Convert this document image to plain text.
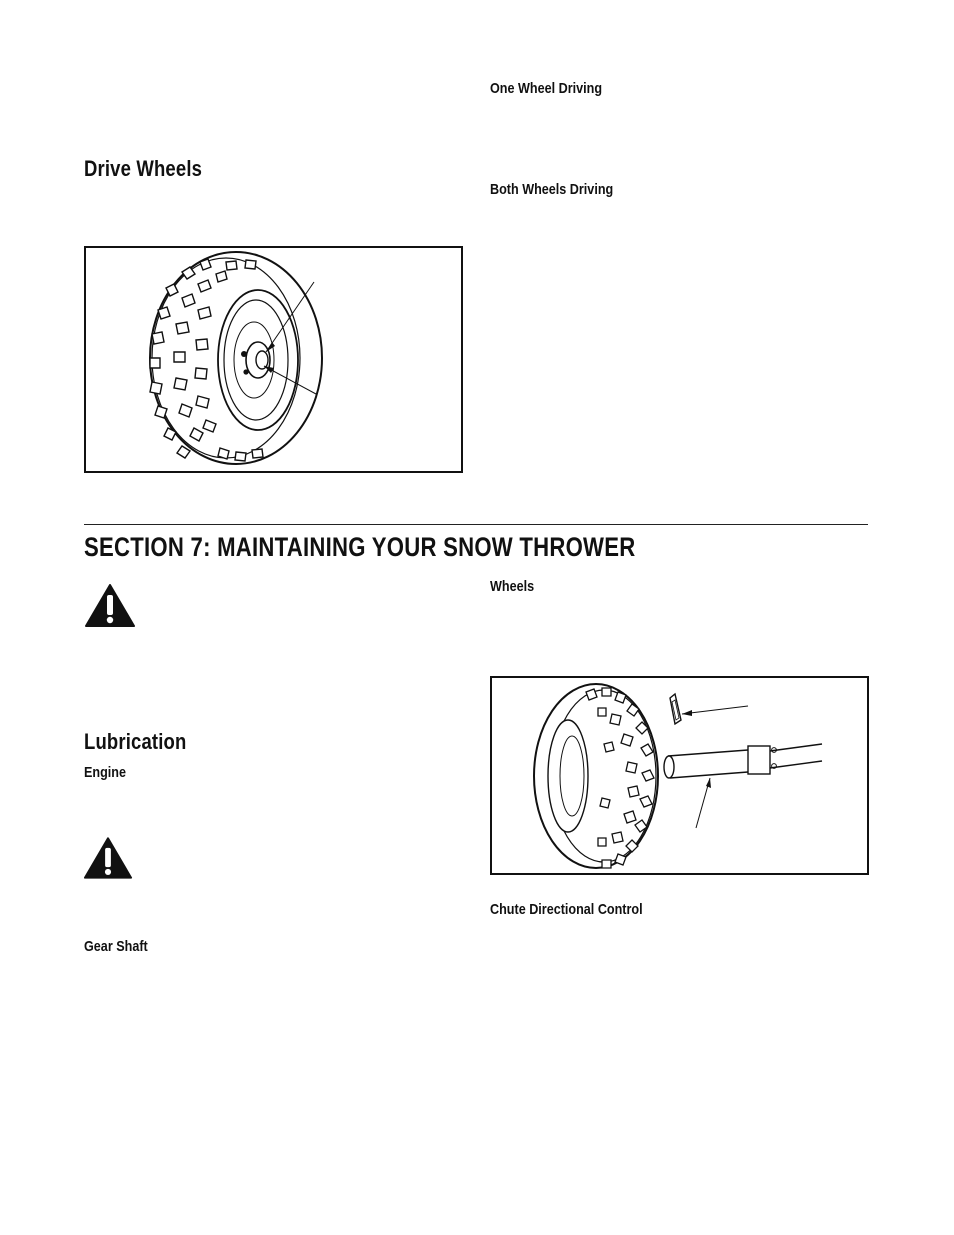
One Wheel Driving
Both Wheels Driving
Drive Wheels
SECTION 7: MAINTAINING YOUR SNOW THROWER
Wheels
Lubrication
Engine
Chute Directional Control
Gear Shaft
